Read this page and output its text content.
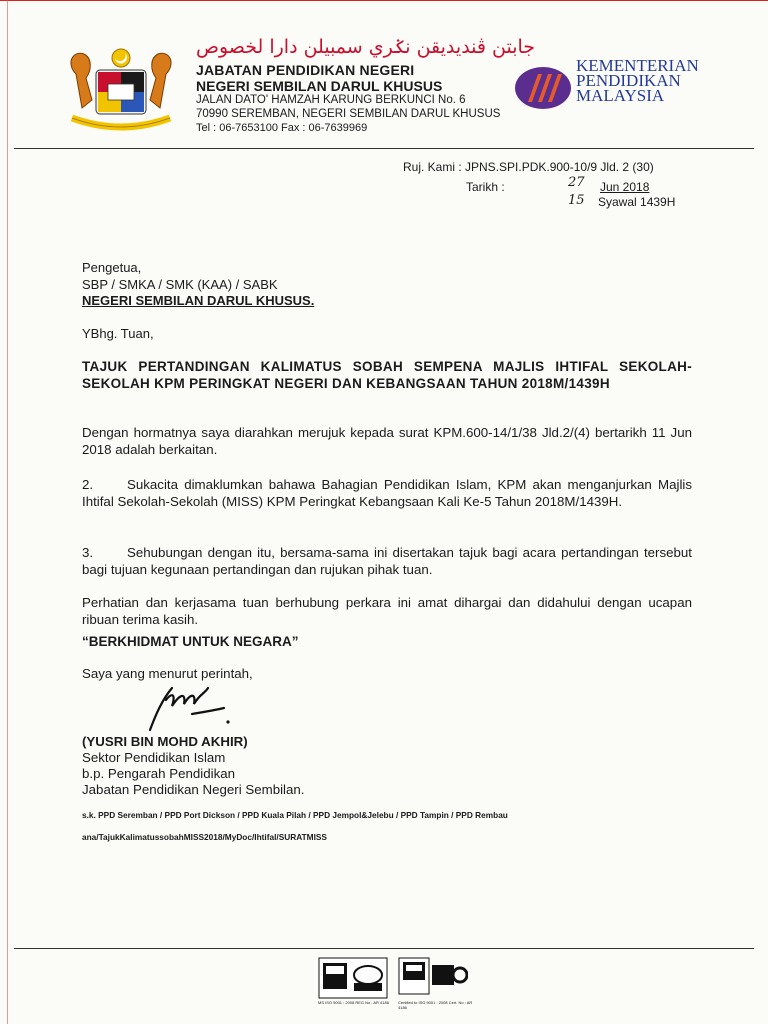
جابتن ڤنديديقن نݢري سمبيلن دارا لخصوص
JABATAN PENDIDIKAN NEGERI
NEGERI SEMBILAN DARUL KHUSUS
JALAN DATO' HAMZAH KARUNG BERKUNCI No. 6
70990 SEREMBAN, NEGERI SEMBILAN DARUL KHUSUS
Tel : 06-7653100 Fax : 06-7639969
KEMENTERIAN
PENDIDIKAN
MALAYSIA
Ruj. Kami : JPNS.SPI.PDK.900-10/9 Jld. 2 (30)
Tarikh :	27 Jun 2018
15 Syawal 1439H
Pengetua,
SBP / SMKA / SMK (KAA) / SABK
NEGERI SEMBILAN DARUL KHUSUS.
YBhg. Tuan,
TAJUK PERTANDINGAN KALIMATUS SOBAH SEMPENA MAJLIS IHTIFAL SEKOLAH-SEKOLAH KPM PERINGKAT NEGERI DAN KEBANGSAAN TAHUN 2018M/1439H
Dengan hormatnya saya diarahkan merujuk kepada surat KPM.600-14/1/38 Jld.2/(4) bertarikh 11 Jun 2018 adalah berkaitan.
2.	Sukacita dimaklumkan bahawa Bahagian Pendidikan Islam, KPM akan menganjurkan Majlis Ihtifal Sekolah-Sekolah (MISS) KPM Peringkat Kebangsaan Kali Ke-5 Tahun 2018M/1439H.
3.	Sehubungan dengan itu, bersama-sama ini disertakan tajuk bagi acara pertandingan tersebut bagi tujuan kegunaan pertandingan dan rujukan pihak tuan.
Perhatian dan kerjasama tuan berhubung perkara ini amat dihargai dan didahului dengan ucapan ribuan terima kasih.
“BERKHIDMAT UNTUK NEGARA”
Saya yang menurut perintah,
(YUSRI BIN MOHD AKHIR)
Sektor Pendidikan Islam
b.p. Pengarah Pendidikan
Jabatan Pendidikan Negeri Sembilan.
s.k. PPD Seremban / PPD Port Dickson / PPD Kuala Pilah / PPD Jempol&Jelebu / PPD Tampin / PPD Rembau
ana/TajukKalimatussobahMISS2018/MyDoc/Ihtifal/SURATMISS
MS ISO 9001 : 2008 REG No : AR 4186	Certified to ISO 9001 : 2008 Cert. No : AR 4186
